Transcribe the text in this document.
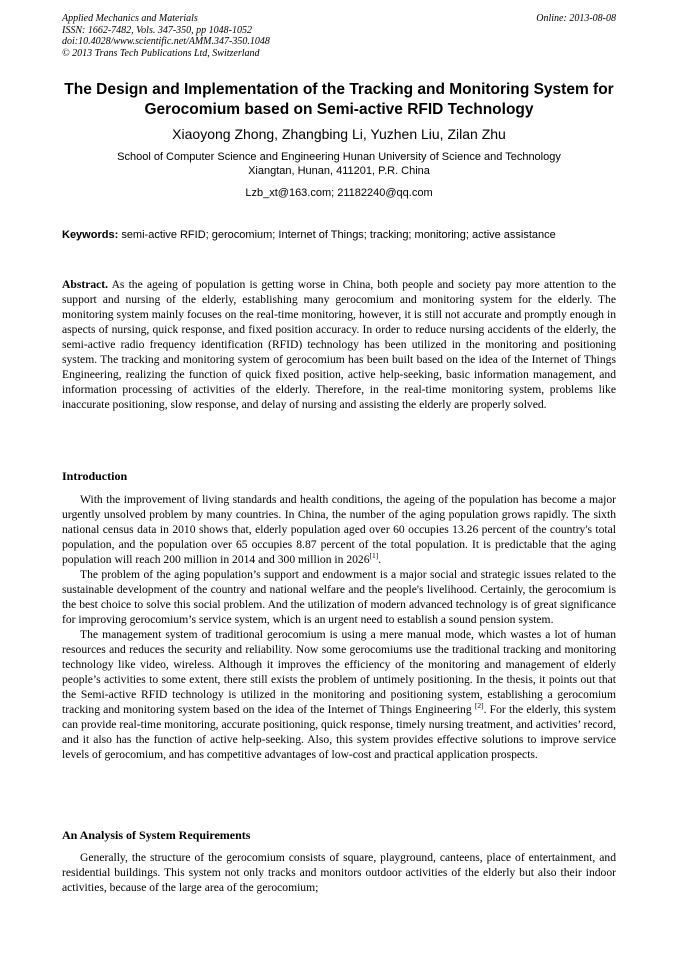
Applied Mechanics and Materials
ISSN: 1662-7482, Vols. 347-350, pp 1048-1052
doi:10.4028/www.scientific.net/AMM.347-350.1048
© 2013 Trans Tech Publications Ltd, Switzerland
Online: 2013-08-08
The Design and Implementation of the Tracking and Monitoring System for Gerocomium based on Semi-active RFID Technology
Xiaoyong Zhong, Zhangbing Li, Yuzhen Liu, Zilan Zhu
School of Computer Science and Engineering Hunan University of Science and Technology
Xiangtan, Hunan, 411201, P.R. China
Lzb_xt@163.com; 21182240@qq.com
Keywords: semi-active RFID; gerocomium; Internet of Things; tracking; monitoring; active assistance
Abstract. As the ageing of population is getting worse in China, both people and society pay more attention to the support and nursing of the elderly, establishing many gerocomium and monitoring system for the elderly. The monitoring system mainly focuses on the real-time monitoring, however, it is still not accurate and promptly enough in aspects of nursing, quick response, and fixed position accuracy. In order to reduce nursing accidents of the elderly, the semi-active radio frequency identification (RFID) technology has been utilized in the monitoring and positioning system. The tracking and monitoring system of gerocomium has been built based on the idea of the Internet of Things Engineering, realizing the function of quick fixed position, active help-seeking, basic information management, and information processing of activities of the elderly. Therefore, in the real-time monitoring system, problems like inaccurate positioning, slow response, and delay of nursing and assisting the elderly are properly solved.
Introduction

With the improvement of living standards and health conditions, the ageing of the population has become a major urgently unsolved problem by many countries. In China, the number of the aging population grows rapidly. The sixth national census data in 2010 shows that, elderly population aged over 60 occupies 13.26 percent of the country's total population, and the population over 65 occupies 8.87 percent of the total population. It is predictable that the aging population will reach 200 million in 2014 and 300 million in 2026[1].

The problem of the aging population’s support and endowment is a major social and strategic issues related to the sustainable development of the country and national welfare and the people's livelihood. Certainly, the gerocomium is the best choice to solve this social problem. And the utilization of modern advanced technology is of great significance for improving gerocomium’s service system, which is an urgent need to establish a sound pension system.

The management system of traditional gerocomium is using a mere manual mode, which wastes a lot of human resources and reduces the security and reliability. Now some gerocomiums use the traditional tracking and monitoring technology like video, wireless. Although it improves the efficiency of the monitoring and management of elderly people’s activities to some extent, there still exists the problem of untimely positioning. In the thesis, it points out that the Semi-active RFID technology is utilized in the monitoring and positioning system, establishing a gerocomium tracking and monitoring system based on the idea of the Internet of Things Engineering [2]. For the elderly, this system can provide real-time monitoring, accurate positioning, quick response, timely nursing treatment, and activities’ record, and it also has the function of active help-seeking. Also, this system provides effective solutions to improve service levels of gerocomium, and has competitive advantages of low-cost and practical application prospects.

An Analysis of System Requirements

Generally, the structure of the gerocomium consists of square, playground, canteens, place of entertainment, and residential buildings. This system not only tracks and monitors outdoor activities of the elderly but also their indoor activities, because of the large area of the gerocomium;
